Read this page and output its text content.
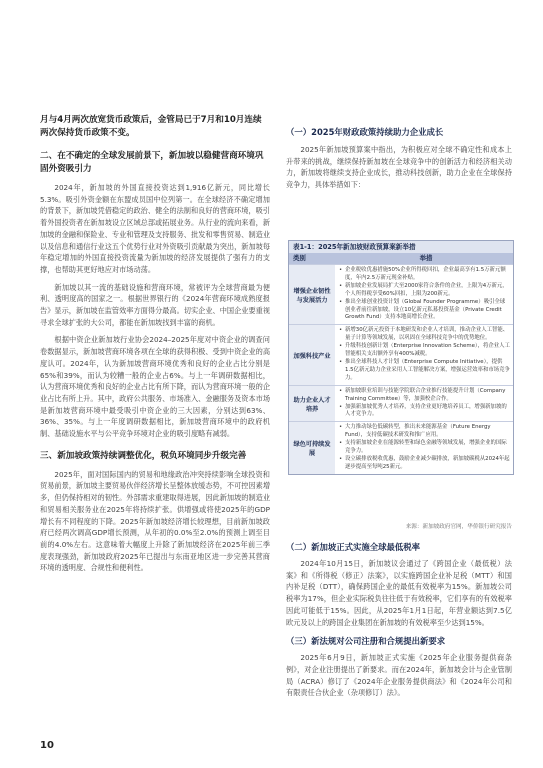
月与4月两次放宽货币政策后，金管局已于7月和10月连续两次保持货币政策不变。

二、在不确定的全球发展前景下，新加坡以稳健营商环境巩固外资吸引力

2024年，新加坡的外国直接投资达到1,916亿新元，同比增长5.3%。吸引外资金额在东盟成员国中位列第一。在全球经济不确定增加的背景下，新加坡凭借稳定的政治、健全的法制和良好的营商环境，吸引着外国投资者在新加坡设立区域总部或拓展业务。从行业的流向来看，新加坡的金融和保险业、专业和管理及支持服务、批发和零售贸易、制造业以及信息和通信行业这五个优势行业对外资吸引贡献最为突出，新加坡每年稳定增加的外国直接投资流量为新加坡的经济发展提供了强有力的支撑，也帮助其更好地应对市场动荡。

新加坡以其一流的基础设施和营商环境，常被评为全球营商最为便利、透明度高的国家之一。根据世界银行的《2024年营商环境成熟度报告》显示，新加坡在监管效率方面得分最高。切实企业、中国企业要重视寻求全球扩张的大公司，都能在新加坡找到丰富的商机。

根据中资企业新加坡行业协会2024–2025年度对中资企业的调查问卷数据显示，新加坡营商环境各项在全球的获得积极、受到中资企业的高度认可。2024年，认为新加坡营商环境优秀和良好的企业占比分别是65%和39%，而认为较糟一般的企业占6%。与上一年调研数据相比，认为营商环境优秀和良好的企业占比有所下降，而认为营商环境一般的企业占比有所上升。其中，政府公共服务、市场准入、金融服务及资本市场是新加坡营商环境中最受吸引中资企业的三大因素，分别达到63%、36%、35%。与上一年度调研数据相比，新加坡营商环境中的政府机制、基础设施水平与公平竞争环境对企业的吸引度略有减弱。

三、新加坡政策持续调整优化，税负环境同步升级完善

2025年，面对国际国内的贸易和地缘政治冲突持续影响全球投资和贸易前景，新加坡主要贸易伙伴经济增长呈整体放缓态势，不可控因素增多，但仍保持相对的韧性。外部需求重建取得进展，因此新加坡的制造业和贸易相关服务业在2025年将持续扩张。供增强或将使2025年的GDP增长有不同程度的下降。2025年新加坡经济增长较理想，目前新加坡政府已经两次调高GDP增长预测，从年初的0.0%至2.0%的预测上调至目前的4.0%左右。这意味着大幅度上升除了新加坡经济在2025年前三季度表现强劲，新加坡政府2025年已提出与东南亚地区进一步完善其营商环境的透明度、合规性和便利性。

（一）2025年财政政策持续助力企业成长

2025年新加坡预算案中指出，为积极应对全球不确定性和成本上升带来的挑战，继续保持新加坡在全球竞争中的创新活力和经济相关动力，新加坡将继续支持企业成长，推动科技创新，助力企业在全球保持竞争力，具体举措如下：

表1-1：2025年新加坡财政预算案新举措
类别	举措
增强企业韧性与发展活力
• 企业税收优惠措施50%企业所得税回扣，企业最高享有1.5万新元额度，年内2.5万新元现金补贴。
• 新加坡企业发展局扩大至2000家符合条件的企业，上限为4万新元，个人所得税享受60%回扣，上限为200新元。
• 推出全球创业投资计划（Global Founder Programme）吸引全球创业者前往新加坡，设立10亿新元私募投资基金（Private Credit Growth Fund）支持本地高增长企业。
加强科技产业
• 新增30亿新元投资于本地研发和企业人才培训，推动企业人工智能、量子计算等领域发展，以巩固在全球科技竞争中的优势地位。
• 升级科技创新计划（Enterprise Innovation Scheme），将企业人工智能相关支出额外享有400%减税。
• 推出全球科技人才计划（Enterprise Compute Initiative），提供1.5亿新元助力企业采用人工智能解决方案，增强运营效率和市场竞争力。
助力企业人才培养
• 新加坡职业培训与技能学院联合企业推行技能提升计划（Company Training Committee）等，加强校企合作。
• 加强新加坡优秀人才培养，支持企业更好地培养员工，增强新加坡的人才竞争力。
绿色可持续发展
• 大力推动绿色低碳转型，推出未来能源基金（Future Energy Fund），支持低碳技术研发和推广应用。
• 支持新加坡企业在能源转型和绿色金融等领域发展，增强企业的国际竞争力。
• 设立碳排放税收优惠，鼓励企业减少碳排放，新加坡碳税从2024年起逐步提高至每吨25新元。
来源：新加坡政府官网，华侨银行研究报告

（二）新加坡正式实施全球最低税率

2024年10月15日，新加坡议会通过了《跨国企业（最低税）法案》和《所得税（修正）法案》，以实施跨国企业补足税（MTT）和国内补足税（DTT），确保跨国企业的最低有效税率为15%。新加坡公司税率为17%，但企业实际税负往往低于有效税率，它们享有的有效税率因此可能低于15%。因此，从2025年1月1日起，年营业额达到7.5亿欧元及以上的跨国企业集团在新加坡的有效税率至少达到15%。

（三）新法规对公司注册和合规提出新要求

2025年6月9日，新加坡正式实施《2025年企业服务提供商条例》，对企业注册提出了新要求。而在2024年，新加坡会计与企业管制局（ACRA）修订了《2024年企业服务提供商法》和《2024年公司和有限责任合伙企业（杂项修订）法》。

10
